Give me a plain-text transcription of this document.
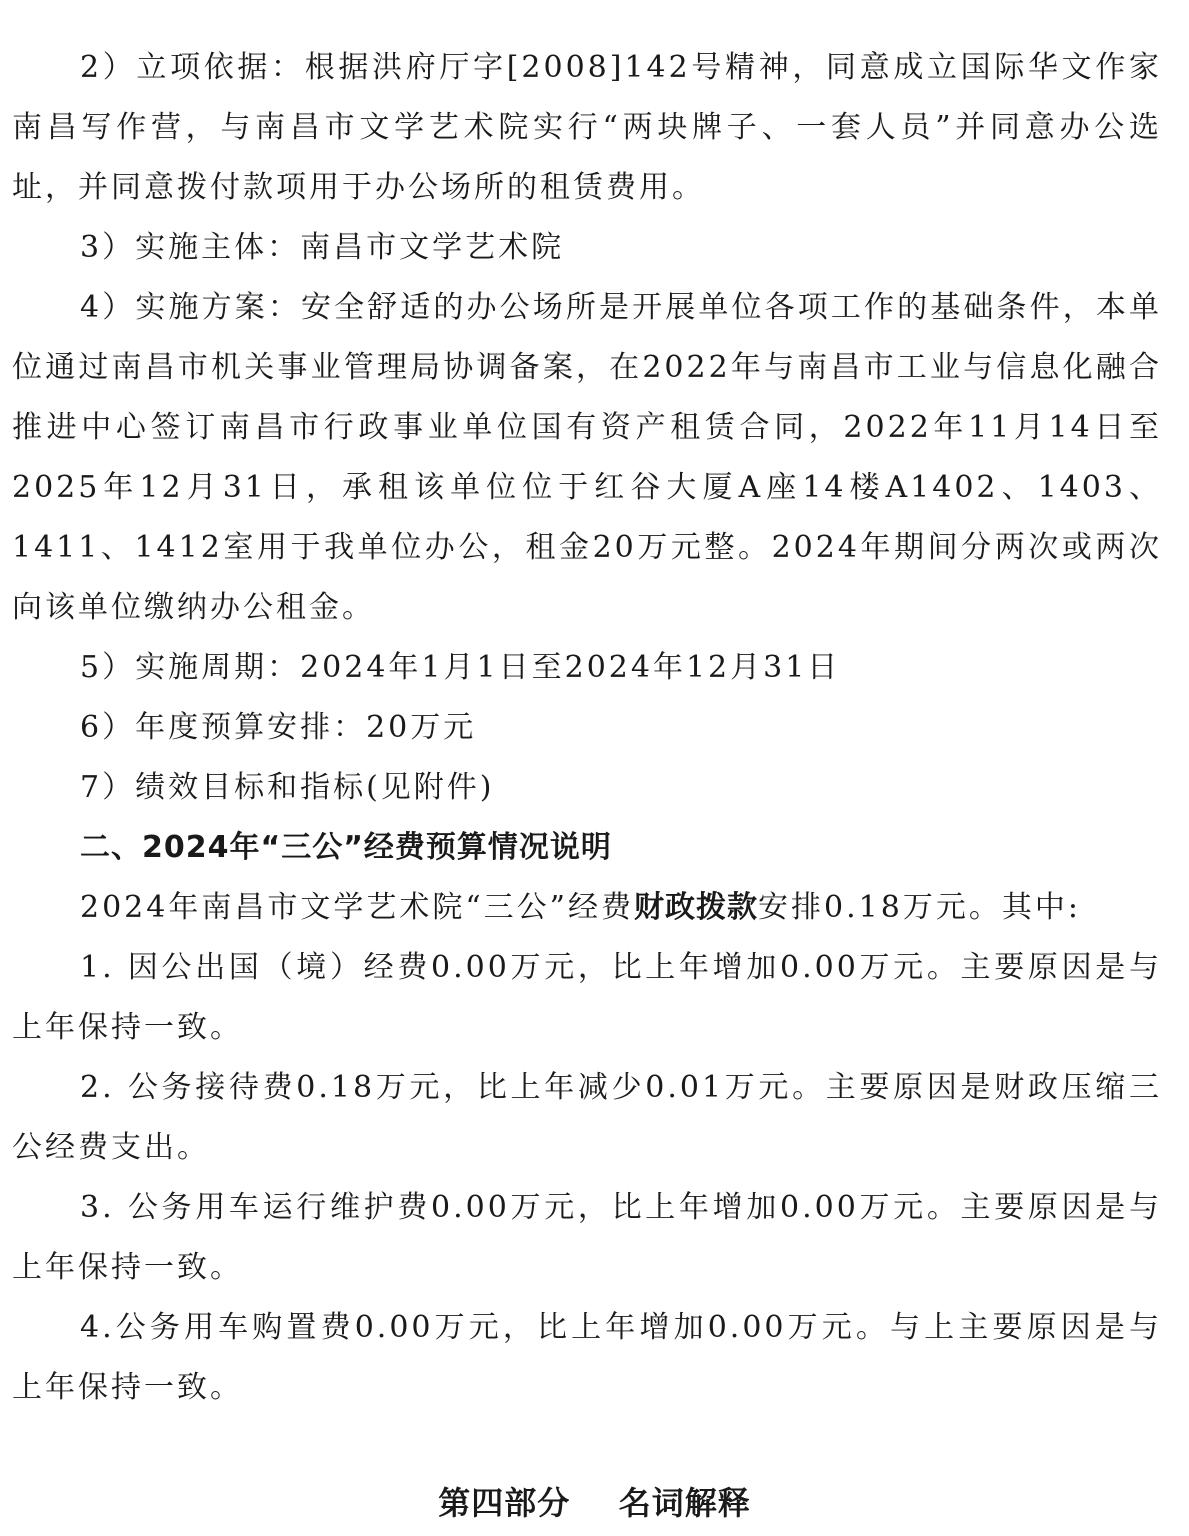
2）立项依据：根据洪府厅字[2008]142号精神，同意成立国际华文作家南昌写作营，与南昌市文学艺术院实行“两块牌子、一套人员”并同意办公选址，并同意拨付款项用于办公场所的租赁费用。

3）实施主体：南昌市文学艺术院

4）实施方案：安全舒适的办公场所是开展单位各项工作的基础条件，本单位通过南昌市机关事业管理局协调备案，在2022年与南昌市工业与信息化融合推进中心签订南昌市行政事业单位国有资产租赁合同，2022年11月14日至2025年12月31日，承租该单位位于红谷大厦A座14楼A1402、1403、1411、1412室用于我单位办公，租金20万元整。2024年期间分两次或两次向该单位缴纳办公租金。

5）实施周期：2024年1月1日至2024年12月31日

6）年度预算安排：20万元

7）绩效目标和指标(见附件)

二、2024年“三公”经费预算情况说明

2024年南昌市文学艺术院“三公”经费财政拨款安排0.18万元。其中:

1. 因公出国（境）经费0.00万元，比上年增加0.00万元。主要原因是与上年保持一致。

2. 公务接待费0.18万元，比上年减少0.01万元。主要原因是财政压缩三公经费支出。

3. 公务用车运行维护费0.00万元，比上年增加0.00万元。主要原因是与上年保持一致。

4.公务用车购置费0.00万元，比上年增加0.00万元。与上主要原因是与上年保持一致。

第四部分    名词解释
